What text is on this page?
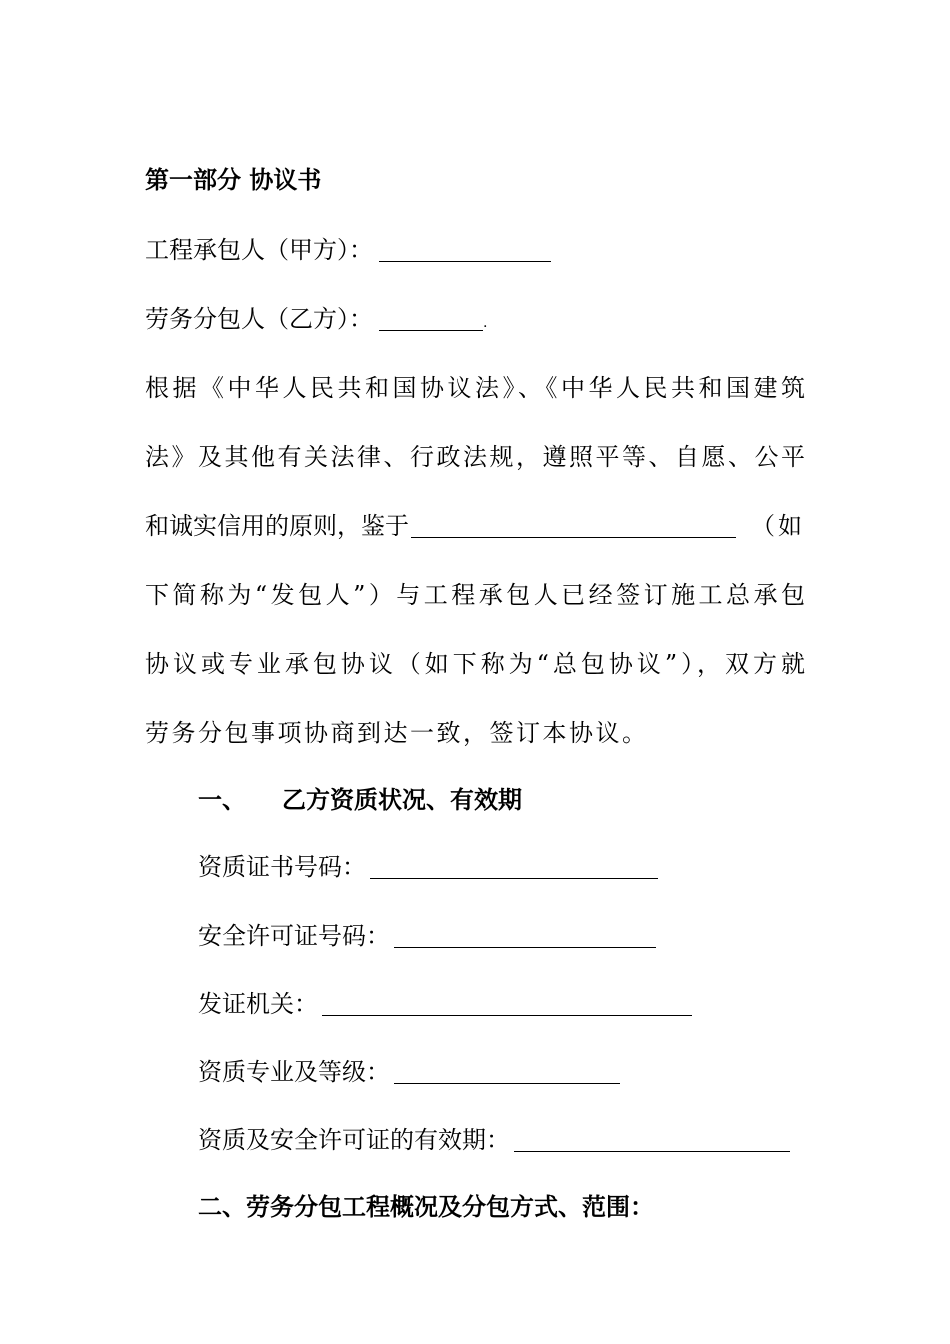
第一部分 协议书
工程承包人（甲方）：
劳务分包人（乙方）：	.
根据《中华人民共和国协议法》、《中华人民共和国建筑
法》及其他有关法律、行政法规，遵照平等、自愿、公平
和诚实信用的原则，鉴于	（如
下简称为“发包人”）与工程承包人已经签订施工总承包
协议或专业承包协议（如下称为“总包协议”），双方就
劳务分包事项协商到达一致，签订本协议。
一、 乙方资质状况、有效期
资质证书号码：
安全许可证号码：
发证机关：
资质专业及等级：
资质及安全许可证的有效期：
二、劳务分包工程概况及分包方式、范围：
